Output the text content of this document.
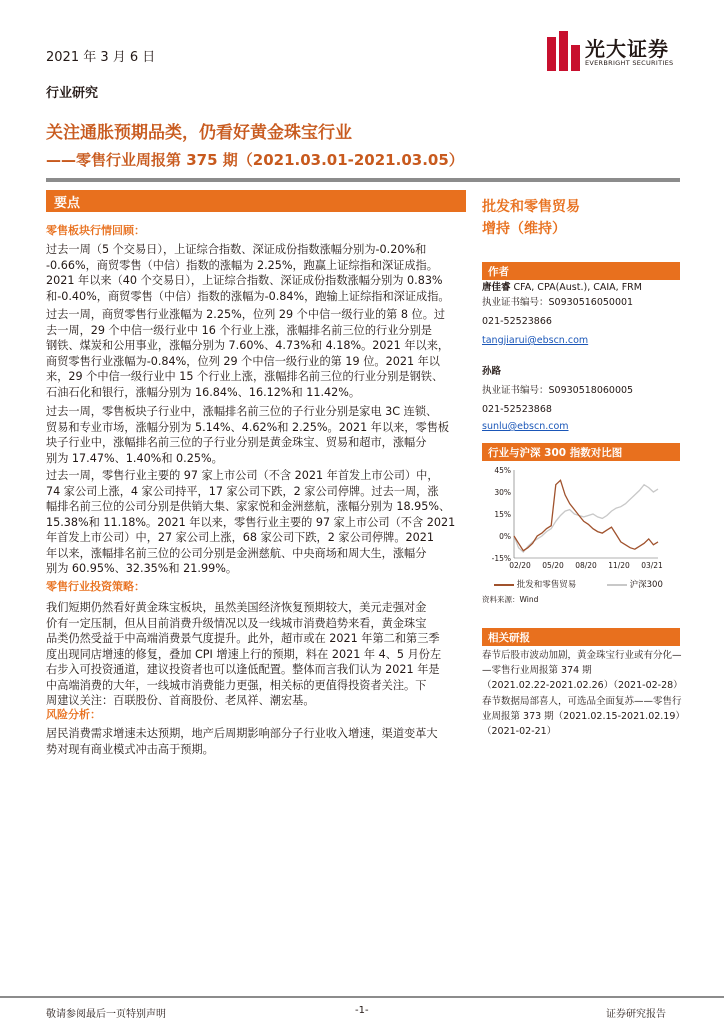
2021 年 3 月 6 日	光大证券
EVERBRIGHT SECURITIES
行业研究
关注通胀预期品类，仍看好黄金珠宝行业
——零售行业周报第 375 期（2021.03.01-2021.03.05）
要点
零售板块行情回顾：
过去一周（5 个交易日），上证综合指数、深证成份指数涨幅分别为-0.20%和
-0.66%，商贸零售（中信）指数的涨幅为 2.25%，跑赢上证综指和深证成指。
2021 年以来（40 个交易日），上证综合指数、深证成份指数涨幅分别为 0.83%
和-0.40%，商贸零售（中信）指数的涨幅为-0.84%，跑输上证综指和深证成指。
过去一周，商贸零售行业涨幅为 2.25%，位列 29 个中信一级行业的第 8 位。过
去一周，29 个中信一级行业中 16 个行业上涨，涨幅排名前三位的行业分别是
钢铁、煤炭和公用事业，涨幅分别为 7.60%、4.73%和 4.18%。2021 年以来，
商贸零售行业涨幅为-0.84%，位列 29 个中信一级行业的第 19 位。2021 年以
来，29 个中信一级行业中 15 个行业上涨，涨幅排名前三位的行业分别是钢铁、
石油石化和银行，涨幅分别为 16.84%、16.12%和 11.42%。
过去一周，零售板块子行业中，涨幅排名前三位的子行业分别是家电 3C 连锁、
贸易和专业市场，涨幅分别为 5.14%、4.62%和 2.25%。2021 年以来，零售板
块子行业中，涨幅排名前三位的子行业分别是黄金珠宝、贸易和超市，涨幅分
别为 17.47%、1.40%和 0.25%。
过去一周，零售行业主要的 97 家上市公司（不含 2021 年首发上市公司）中，
74 家公司上涨，4 家公司持平，17 家公司下跌，2 家公司停牌。过去一周，涨
幅排名前三位的公司分别是供销大集、家家悦和金洲慈航，涨幅分别为 18.95%、
15.38%和 11.18%。2021 年以来，零售行业主要的 97 家上市公司（不含 2021
年首发上市公司）中，27 家公司上涨，68 家公司下跌，2 家公司停牌。2021
年以来，涨幅排名前三位的公司分别是金洲慈航、中央商场和周大生，涨幅分
别为 60.95%、32.35%和 21.99%。
零售行业投资策略：
我们短期仍然看好黄金珠宝板块，虽然美国经济恢复预期较大，美元走强对金
价有一定压制，但从目前消费升级情况以及一线城市消费趋势来看，黄金珠宝
品类仍然受益于中高端消费景气度提升。此外，超市或在 2021 年第二和第三季
度出现同店增速的修复，叠加 CPI 增速上行的预期，料在 2021 年 4、5 月份左
右步入可投资通道，建议投资者也可以逢低配置。整体而言我们认为 2021 年是
中高端消费的大年，一线城市消费能力更强，相关标的更值得投资者关注。下
周建议关注：百联股份、首商股份、老凤祥、潮宏基。
风险分析：
居民消费需求增速未达预期，地产后周期影响部分子行业收入增速，渠道变革大
势对现有商业模式冲击高于预期。
批发和零售贸易
增持（维持）
作者
唐佳睿 CFA, CPA(Aust.), CAIA, FRM
执业证书编号：S0930516050001
021-52523866
tangjiarui@ebscn.com
孙路
执业证书编号：S0930518060005
021-52523868
sunlu@ebscn.com
行业与沪深 300 指数对比图
45%
30%
15%
0%
-15%
02/20 05/20 08/20 11/20 03/21
批发和零售贸易	沪深300
资料来源：Wind
相关研报
春节后股市波动加剧，黄金珠宝行业或有分化—
—零售行业周报第 374 期
（2021.02.22-2021.02.26）（2021-02-28）
春节数据局部喜人，可选品全面复苏——零售行
业周报第 373 期（2021.02.15-2021.02.19）
（2021-02-21）
敬请参阅最后一页特别声明	-1-	证券研究报告
